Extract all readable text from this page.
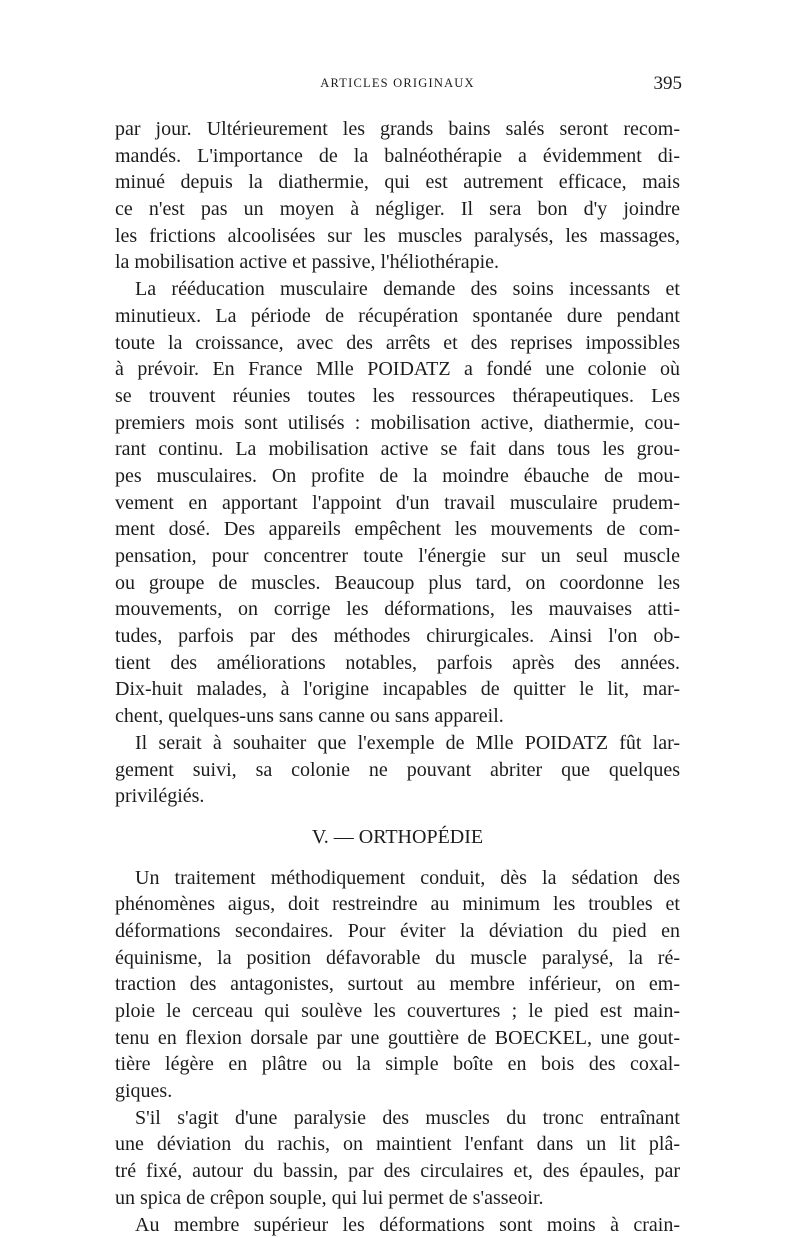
ARTICLES ORIGINAUX	395
par jour. Ultérieurement les grands bains salés seront recom-
mandés. L'importance de la balnéothérapie a évidemment di-
minué depuis la diathermie, qui est autrement efficace, mais
ce n'est pas un moyen à négliger. Il sera bon d'y joindre
les frictions alcoolisées sur les muscles paralysés, les massages,
la mobilisation active et passive, l'héliothérapie.
La rééducation musculaire demande des soins incessants et
minutieux. La période de récupération spontanée dure pendant
toute la croissance, avec des arrêts et des reprises impossibles
à prévoir. En France Mlle POIDATZ a fondé une colonie où
se trouvent réunies toutes les ressources thérapeutiques. Les
premiers mois sont utilisés : mobilisation active, diathermie, cou-
rant continu. La mobilisation active se fait dans tous les grou-
pes musculaires. On profite de la moindre ébauche de mou-
vement en apportant l'appoint d'un travail musculaire prudem-
ment dosé. Des appareils empêchent les mouvements de com-
pensation, pour concentrer toute l'énergie sur un seul muscle
ou groupe de muscles. Beaucoup plus tard, on coordonne les
mouvements, on corrige les déformations, les mauvaises atti-
tudes, parfois par des méthodes chirurgicales. Ainsi l'on ob-
tient des améliorations notables, parfois après des années.
Dix-huit malades, à l'origine incapables de quitter le lit, mar-
chent, quelques-uns sans canne ou sans appareil.
Il serait à souhaiter que l'exemple de Mlle POIDATZ fût lar-
gement suivi, sa colonie ne pouvant abriter que quelques
privilégiés.
V. — ORTHOPÉDIE
Un traitement méthodiquement conduit, dès la sédation des
phénomènes aigus, doit restreindre au minimum les troubles et
déformations secondaires. Pour éviter la déviation du pied en
équinisme, la position défavorable du muscle paralysé, la ré-
traction des antagonistes, surtout au membre inférieur, on em-
ploie le cerceau qui soulève les couvertures ; le pied est main-
tenu en flexion dorsale par une gouttière de BOECKEL, une gout-
tière légère en plâtre ou la simple boîte en bois des coxal-
giques.
S'il s'agit d'une paralysie des muscles du tronc entraînant
une déviation du rachis, on maintient l'enfant dans un lit plâ-
tré fixé, autour du bassin, par des circulaires et, des épaules, par
un spica de crêpon souple, qui lui permet de s'asseoir.
Au membre supérieur les déformations sont moins à crain-
